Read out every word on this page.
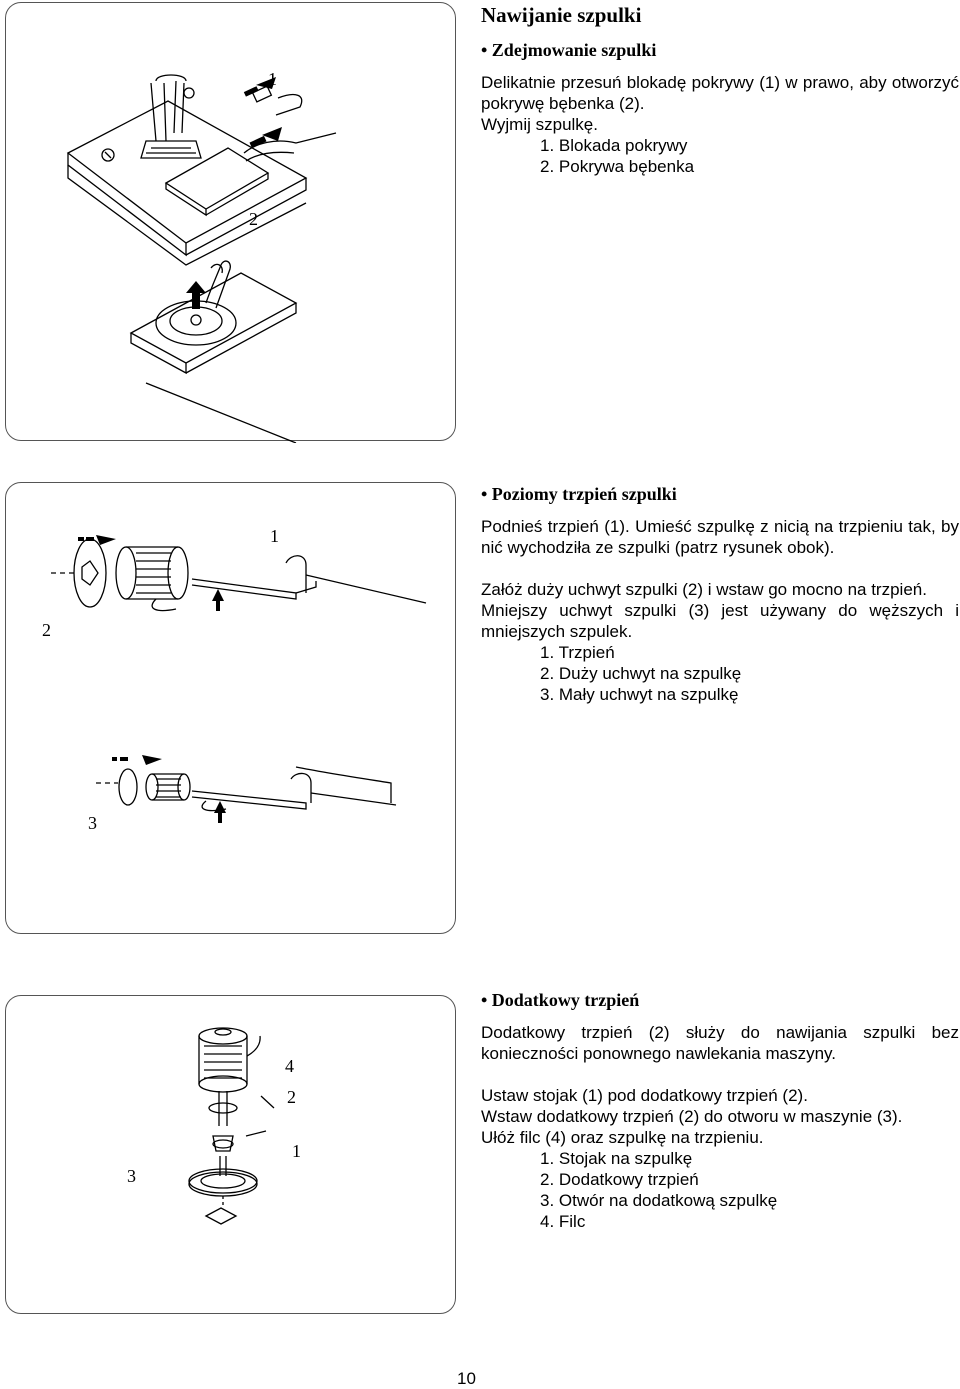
1
2
1
2
3
4
2
1
3
Nawijanie szpulki
• Zdejmowanie szpulki

Delikatnie przesuń blokadę pokrywy (1) w prawo, aby otworzyć pokrywę bębenka (2).

Wyjmij szpulkę.

1. Blokada pokrywy
2. Pokrywa bębenka
• Poziomy trzpień szpulki

Podnieś trzpień (1). Umieść szpulkę z nicią na trzpieniu tak, by nić wychodziła ze szpulki (patrz rysunek obok).

Załóż duży uchwyt szpulki (2) i wstaw go mocno na trzpień.

Mniejszy uchwyt szpulki (3) jest używany do węższych i mniejszych szpulek.

1. Trzpień
2. Duży uchwyt na szpulkę
3. Mały uchwyt na szpulkę
• Dodatkowy trzpień

Dodatkowy trzpień (2) służy do nawijania szpulki bez konieczności ponownego nawlekania maszyny.

Ustaw stojak (1) pod dodatkowy trzpień (2).

Wstaw dodatkowy trzpień (2) do otworu w maszynie (3).

Ułóż filc (4) oraz szpulkę na trzpieniu.

1. Stojak na szpulkę
2. Dodatkowy trzpień
3. Otwór na dodatkową szpulkę
4. Filc
10
